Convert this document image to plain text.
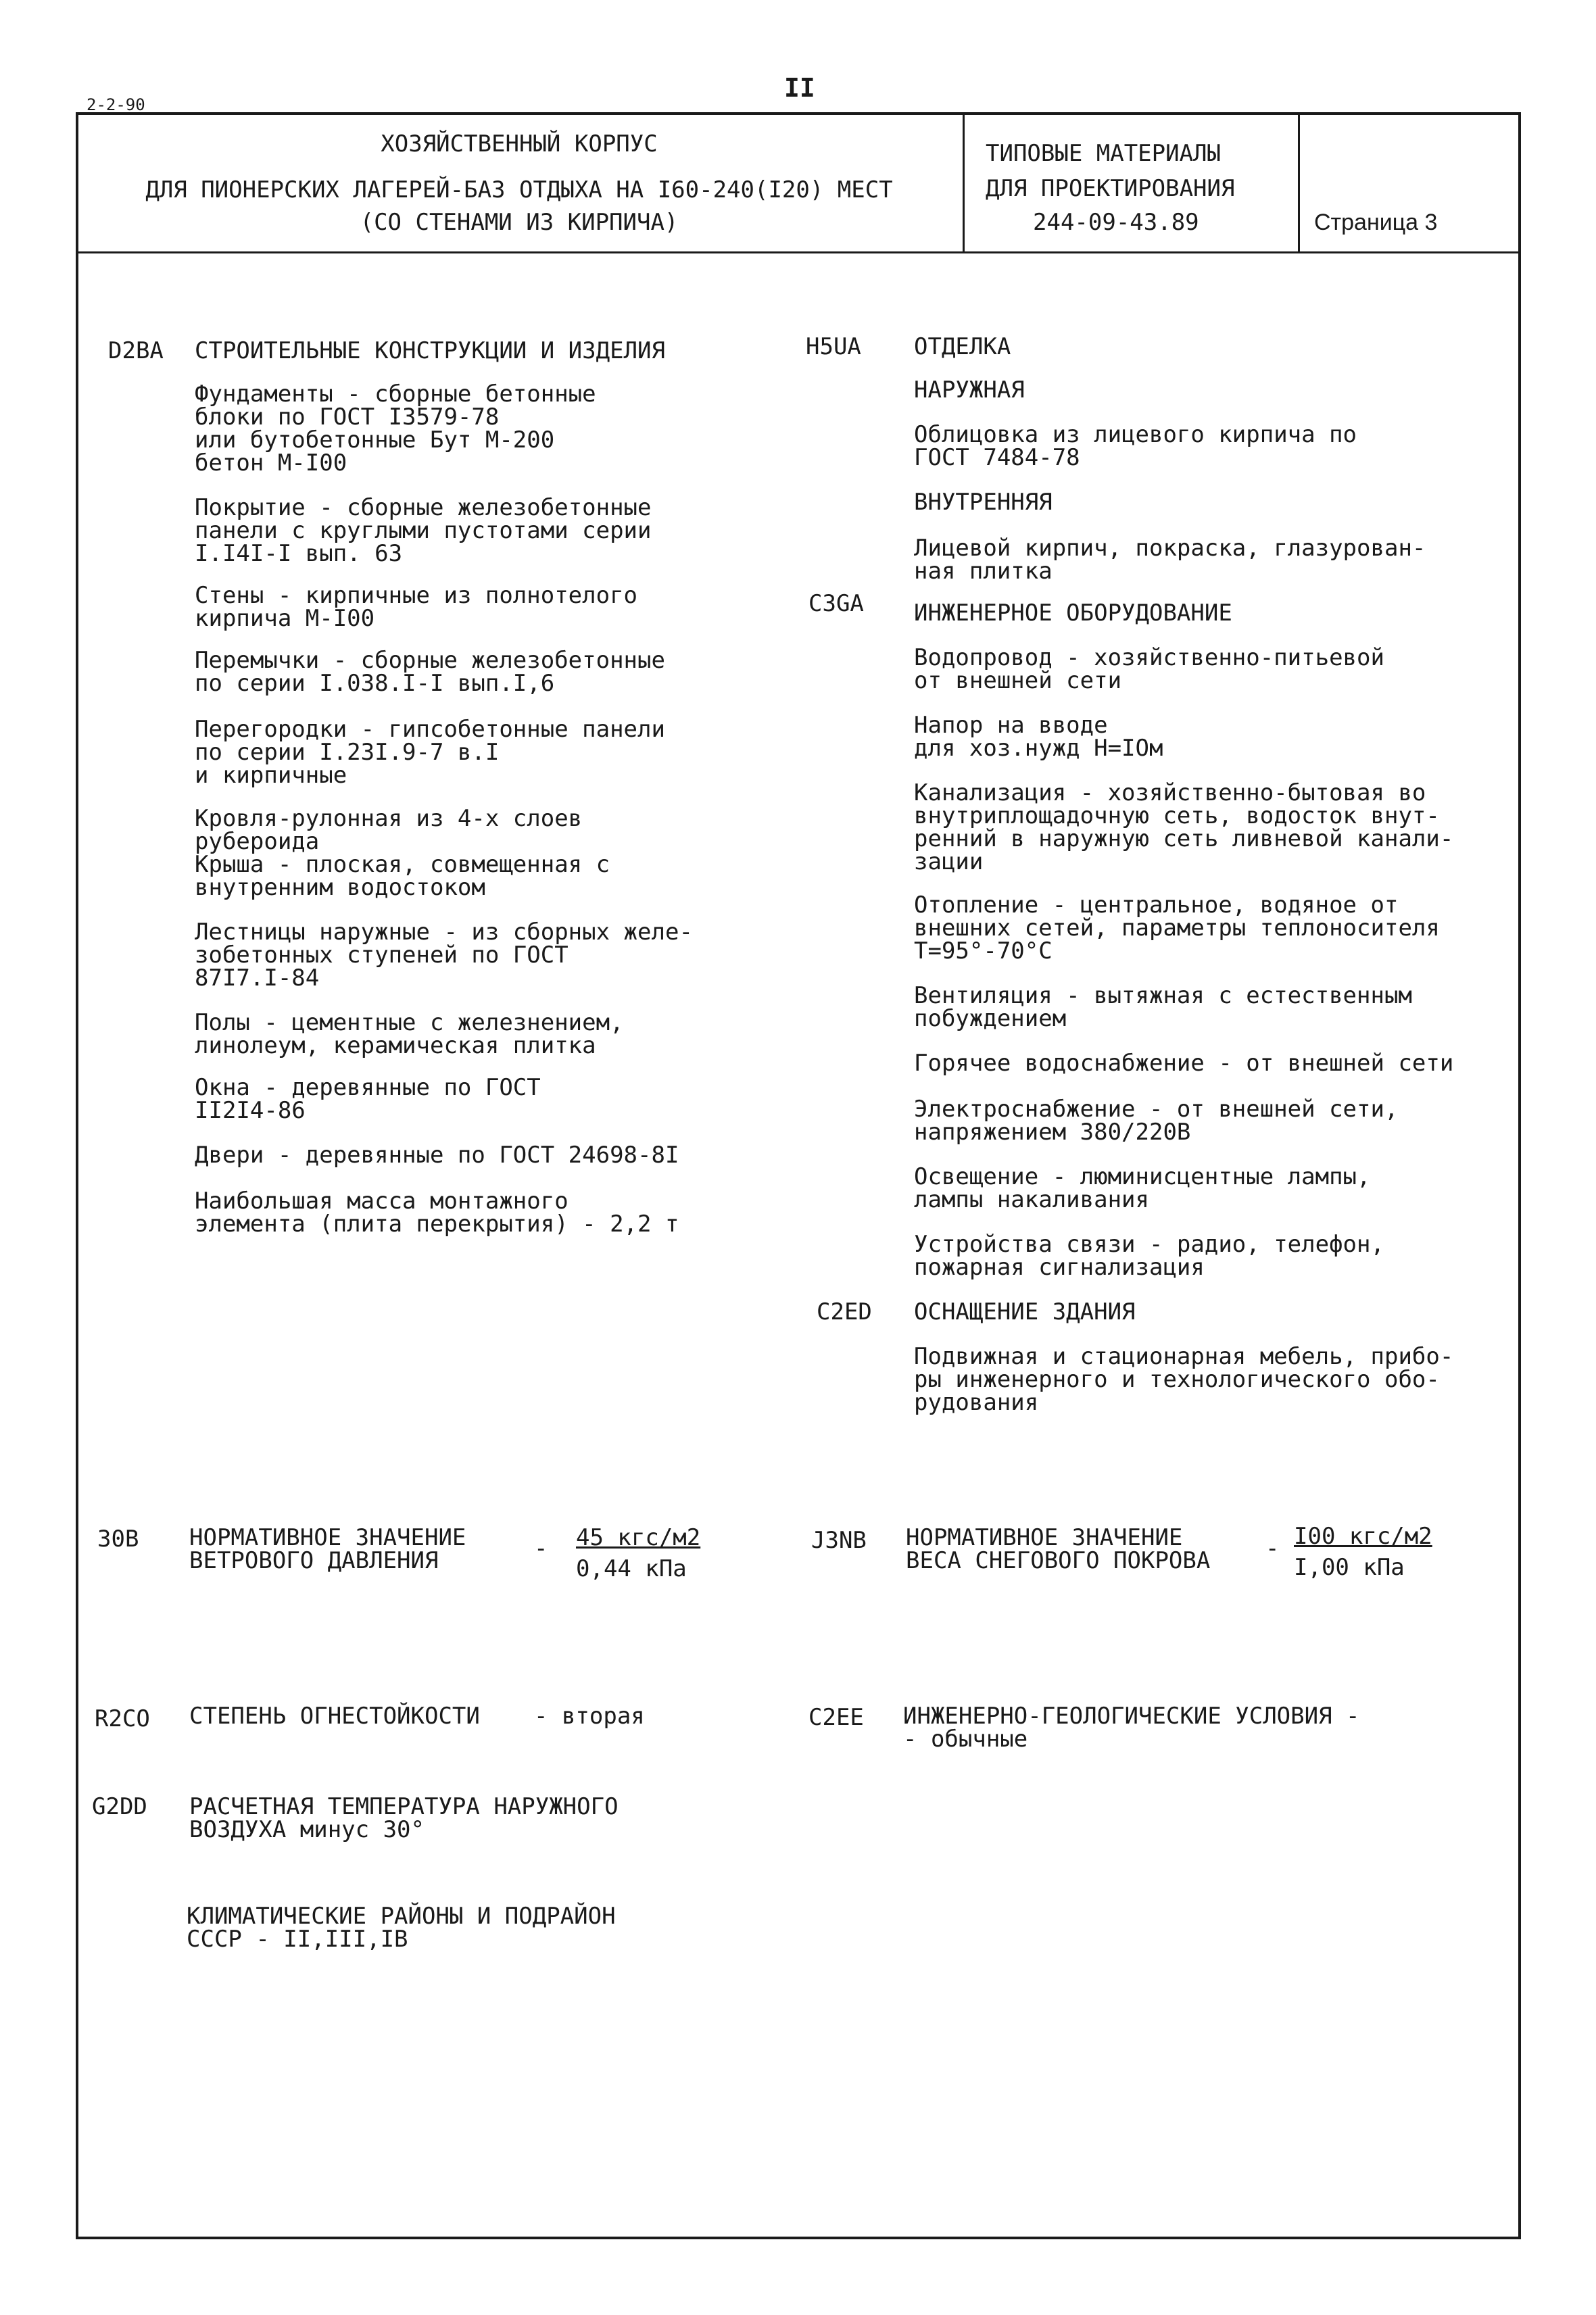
2-2-90
II
ХОЗЯЙСТВЕННЫЙ КОРПУС
ДЛЯ ПИОНЕРСКИХ ЛАГЕРЕЙ-БАЗ ОТДЫХА НА I60-240(I20) МЕСТ
(СО СТЕНАМИ ИЗ КИРПИЧА)
ТИПОВЫЕ МАТЕРИАЛЫ
ДЛЯ ПРОЕКТИРОВАНИЯ
244-09-43.89	Страница 3
D2BA СТРОИТЕЛЬНЫЕ КОНСТРУКЦИИ И ИЗДЕЛИЯ
Фундаменты - сборные бетонные
блоки по ГОСТ I3579-78
или бутобетонные Бут М-200
бетон М-I00
Покрытие - сборные железобетонные
панели с круглыми пустотами серии
I.I4I-I вып. 63
Стены - кирпичные из полнотелого
кирпича М-I00
Перемычки - сборные железобетонные
по серии I.038.I-I вып.I,6
Перегородки - гипсобетонные панели
по серии I.23I.9-7 в.I
и кирпичные
Кровля-рулонная из 4-х слоев
рубероида
Крыша - плоская, совмещенная с
внутренним водостоком
Лестницы наружные - из сборных желе-
зобетонных ступеней по ГОСТ
87I7.I-84
Полы - цементные с железнением,
линолеум, керамическая плитка
Окна - деревянные по ГОСТ
II2I4-86
Двери - деревянные по ГОСТ 24698-8I
Наибольшая масса монтажного
элемента (плита перекрытия) - 2,2 т
H5UA ОТДЕЛКА
НАРУЖНАЯ
Облицовка из лицевого кирпича по
ГОСТ 7484-78
ВНУТРЕННЯЯ
Лицевой кирпич, покраска, глазурован-
ная плитка
C3GA ИНЖЕНЕРНОЕ ОБОРУДОВАНИЕ
Водопровод - хозяйственно-питьевой
от внешней сети
Напор на вводе
для хоз.нужд Н=IОм
Канализация - хозяйственно-бытовая во
внутриплощадочную сеть, водосток внут-
ренний в наружную сеть ливневой канали-
зации
Отопление - центральное, водяное от
внешних сетей, параметры теплоносителя
Т=95°-70°С
Вентиляция - вытяжная с естественным
побуждением
Горячее водоснабжение - от внешней сети
Электроснабжение - от внешней сети,
напряжением 380/220В
Освещение - люминисцентные лампы,
лампы накаливания
Устройства связи - радио, телефон,
пожарная сигнализация
C2ED ОСНАЩЕНИЕ ЗДАНИЯ
Подвижная и стационарная мебель, прибо-
ры инженерного и технологического обо-
рудования
30B НОРМАТИВНОЕ ЗНАЧЕНИЕ
ВЕТРОВОГО ДАВЛЕНИЯ	- 45 кгс/м2
0,44 кПа
J3NB НОРМАТИВНОЕ ЗНАЧЕНИЕ
ВЕСА СНЕГОВОГО ПОКРОВА - I00 кгс/м2
I,00 кПа
R2CO СТЕПЕНЬ ОГНЕСТОЙКОСТИ - вторая	C2EE ИНЖЕНЕРНО-ГЕОЛОГИЧЕСКИЕ УСЛОВИЯ -
- обычные
G2DD РАСЧЕТНАЯ ТЕМПЕРАТУРА НАРУЖНОГО
ВОЗДУХА минус 30°
КЛИМАТИЧЕСКИЕ РАЙОНЫ И ПОДРАЙОН
СССР - II,III,IВ
